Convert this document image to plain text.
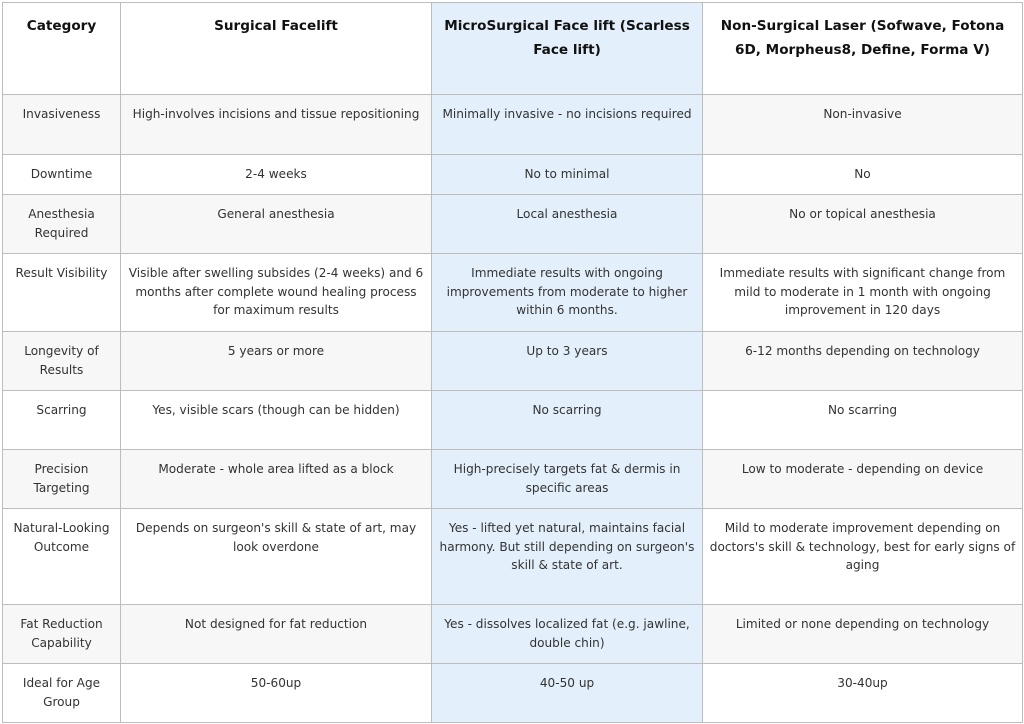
Category	Surgical Facelift	MicroSurgical Face lift (Scarless Face lift)	Non-Surgical Laser (Sofwave, Fotona 6D, Morpheus8, Define, Forma V)
Invasiveness	High-involves incisions and tissue repositioning	Minimally invasive - no incisions required	Non-invasive
Downtime	2-4 weeks	No to minimal	No
Anesthesia Required	General anesthesia	Local anesthesia	No or topical anesthesia
Result Visibility	Visible after swelling subsides (2-4 weeks) and 6 months after complete wound healing process for maximum results	Immediate results with ongoing improvements from moderate to higher within 6 months.	Immediate results with significant change from mild to moderate in 1 month with ongoing improvement in 120 days
Longevity of Results	5 years or more	Up to 3 years	6-12 months depending on technology
Scarring	Yes, visible scars (though can be hidden)	No scarring	No scarring
Precision Targeting	Moderate - whole area lifted as a block	High-precisely targets fat & dermis in specific areas	Low to moderate - depending on device
Natural-Looking Outcome	Depends on surgeon's skill & state of art, may look overdone	Yes - lifted yet natural, maintains facial harmony. But still depending on surgeon's skill & state of art.	Mild to moderate improvement depending on doctors's skill & technology, best for early signs of aging
Fat Reduction Capability	Not designed for fat reduction	Yes - dissolves localized fat (e.g. jawline, double chin)	Limited or none depending on technology
Ideal for Age Group	50-60up	40-50 up	30-40up
